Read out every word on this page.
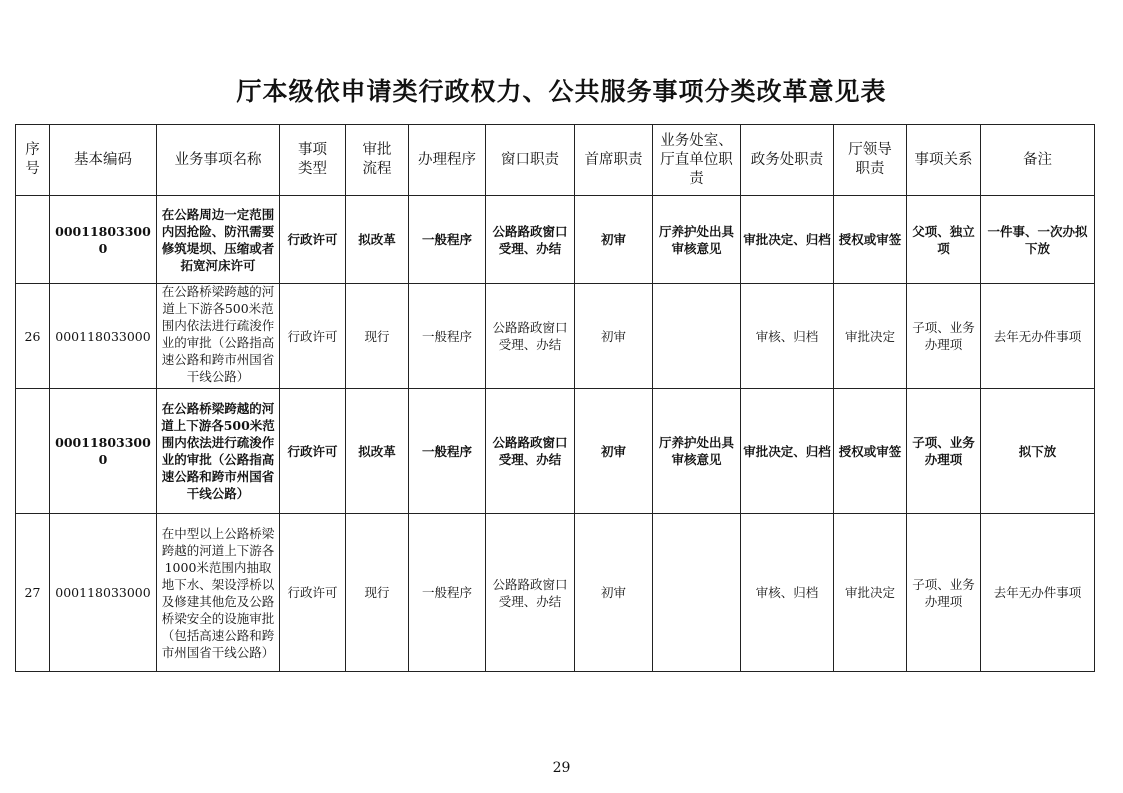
厅本级依申请类行政权力、公共服务事项分类改革意见表
序号	基本编码	业务事项名称	事项类型	审批流程	办理程序	窗口职责	首席职责	业务处室、厅直单位职责	政务处职责	厅领导职责	事项关系	备注
	000118033000	在公路周边一定范围内因抢险、防汛需要修筑堤坝、压缩或者拓宽河床许可	行政许可	拟改革	一般程序	公路路政窗口受理、办结	初审	厅养护处出具审核意见	审批决定、归档	授权或审签	父项、独立项	一件事、一次办拟下放
26	000118033000	在公路桥梁跨越的河道上下游各500米范围内依法进行疏浚作业的审批（公路指高速公路和跨市州国省干线公路）	行政许可	现行	一般程序	公路路政窗口受理、办结	初审		审核、归档	审批决定	子项、业务办理项	去年无办件事项
	000118033000	在公路桥梁跨越的河道上下游各500米范围内依法进行疏浚作业的审批（公路指高速公路和跨市州国省干线公路）	行政许可	拟改革	一般程序	公路路政窗口受理、办结	初审	厅养护处出具审核意见	审批决定、归档	授权或审签	子项、业务办理项	拟下放
27	000118033000	在中型以上公路桥梁跨越的河道上下游各1000米范围内抽取地下水、架设浮桥以及修建其他危及公路桥梁安全的设施审批（包括高速公路和跨市州国省干线公路）	行政许可	现行	一般程序	公路路政窗口受理、办结	初审		审核、归档	审批决定	子项、业务办理项	去年无办件事项
29
